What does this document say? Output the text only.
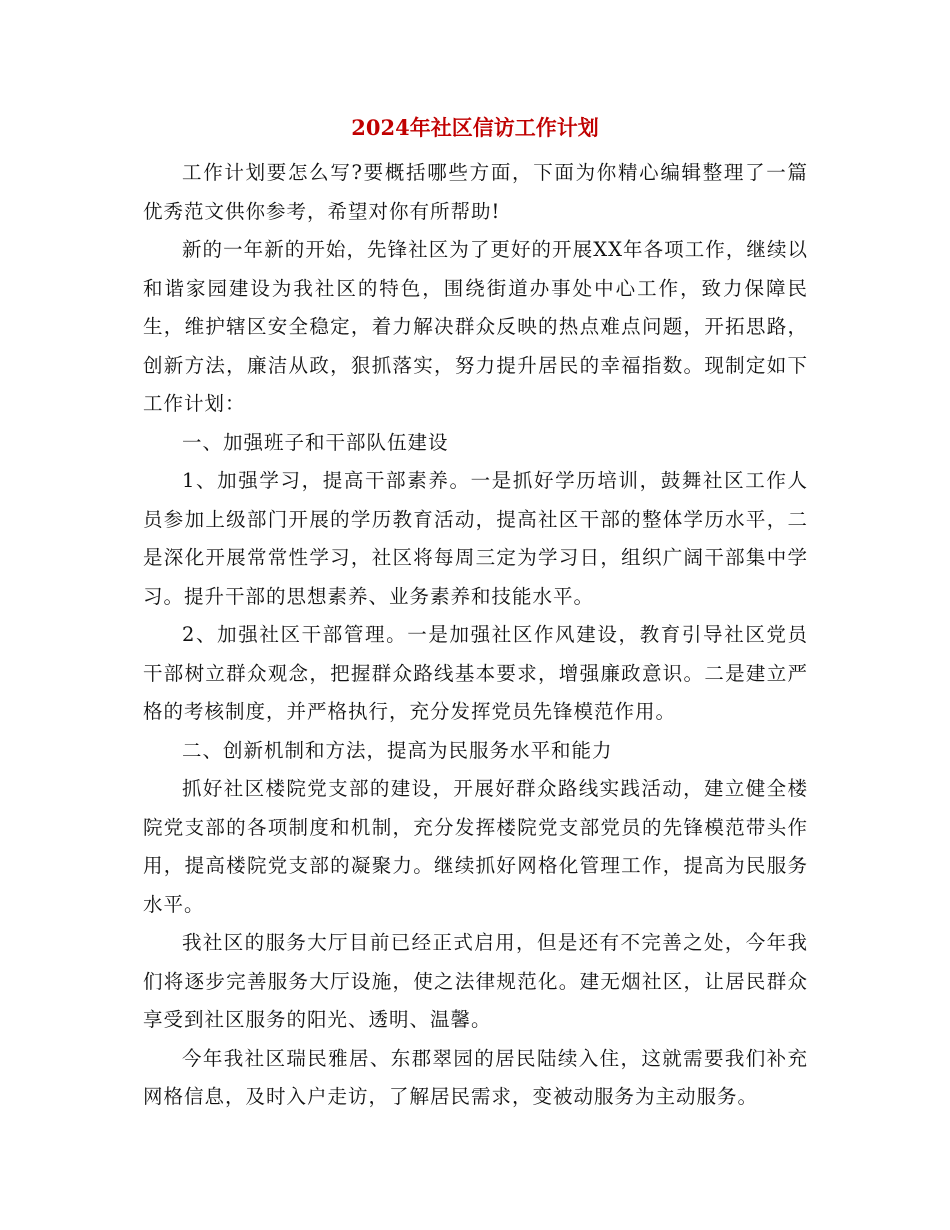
2024年社区信访工作计划

工作计划要怎么写?要概括哪些方面，下面为你精心编辑整理了一篇优秀范文供你参考，希望对你有所帮助!

新的一年新的开始，先锋社区为了更好的开展XX年各项工作，继续以和谐家园建设为我社区的特色，围绕街道办事处中心工作，致力保障民生，维护辖区安全稳定，着力解决群众反映的热点难点问题，开拓思路，创新方法，廉洁从政，狠抓落实，努力提升居民的幸福指数。现制定如下工作计划：

一、加强班子和干部队伍建设

1、加强学习，提高干部素养。一是抓好学历培训，鼓舞社区工作人员参加上级部门开展的学历教育活动，提高社区干部的整体学历水平，二是深化开展常常性学习，社区将每周三定为学习日，组织广阔干部集中学习。提升干部的思想素养、业务素养和技能水平。

2、加强社区干部管理。一是加强社区作风建设，教育引导社区党员干部树立群众观念，把握群众路线基本要求，增强廉政意识。二是建立严格的考核制度，并严格执行，充分发挥党员先锋模范作用。

二、创新机制和方法，提高为民服务水平和能力

抓好社区楼院党支部的建设，开展好群众路线实践活动，建立健全楼院党支部的各项制度和机制，充分发挥楼院党支部党员的先锋模范带头作用，提高楼院党支部的凝聚力。继续抓好网格化管理工作，提高为民服务水平。

我社区的服务大厅目前已经正式启用，但是还有不完善之处，今年我们将逐步完善服务大厅设施，使之法律规范化。建无烟社区，让居民群众享受到社区服务的阳光、透明、温馨。

今年我社区瑞民雅居、东郡翠园的居民陆续入住，这就需要我们补充网格信息，及时入户走访，了解居民需求，变被动服务为主动服务。
